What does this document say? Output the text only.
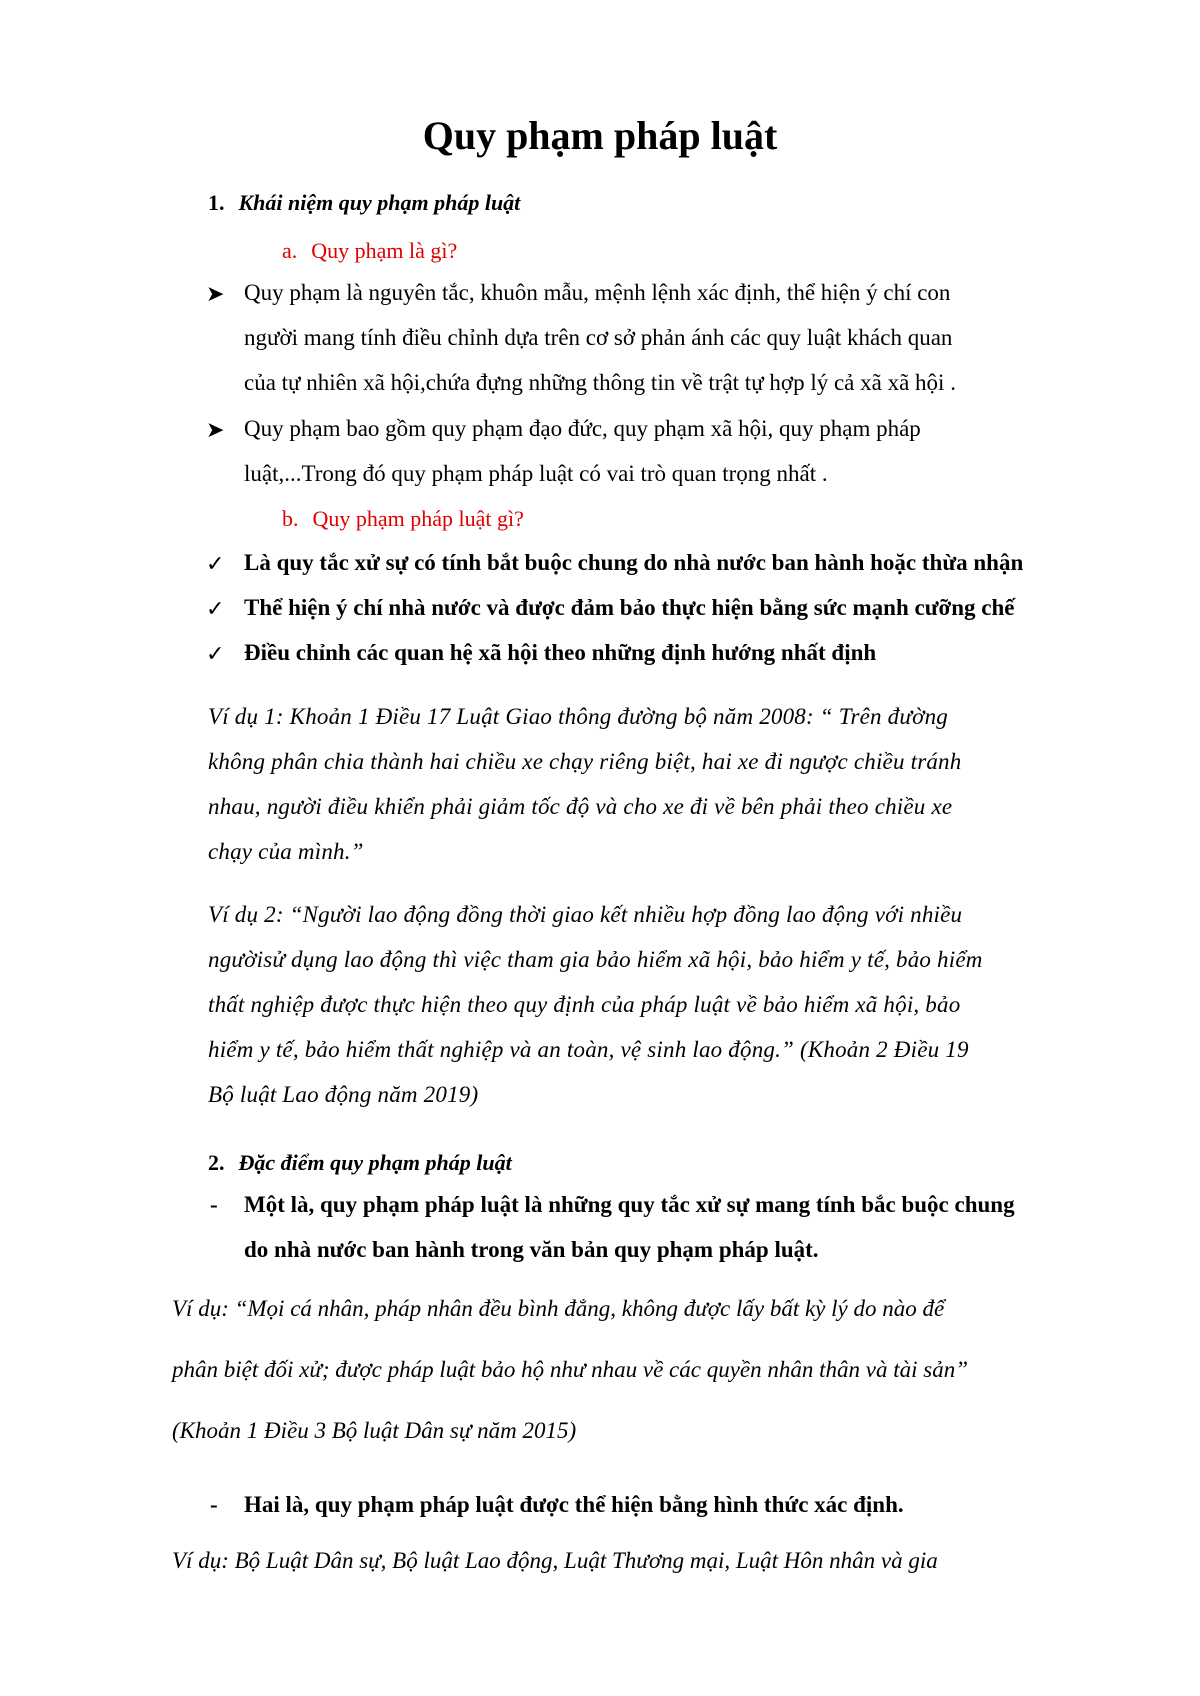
Quy phạm pháp luật
1. Khái niệm quy phạm pháp luật
a. Quy phạm là gì?
➤ Quy phạm là nguyên tắc, khuôn mẫu, mệnh lệnh xác định, thể hiện ý chí con
người mang tính điều chỉnh dựa trên cơ sở phản ánh các quy luật khách quan
của tự nhiên xã hội,chứa đựng những thông tin về trật tự hợp lý cả xã xã hội .
➤ Quy phạm bao gồm quy phạm đạo đức, quy phạm xã hội, quy phạm pháp
luật,...Trong đó quy phạm pháp luật có vai trò quan trọng nhất .
b. Quy phạm pháp luật gì?
✓ Là quy tắc xử sự có tính bắt buộc chung do nhà nước ban hành hoặc thừa nhận
✓ Thể hiện ý chí nhà nước và được đảm bảo thực hiện bằng sức mạnh cưỡng chế
✓ Điều chỉnh các quan hệ xã hội theo những định hướng nhất định
Ví dụ 1: Khoản 1 Điều 17 Luật Giao thông đường bộ năm 2008: “ Trên đường
không phân chia thành hai chiều xe chạy riêng biệt, hai xe đi ngược chiều tránh
nhau, người điều khiển phải giảm tốc độ và cho xe đi về bên phải theo chiều xe
chạy của mình.”
Ví dụ 2: “Người lao động đồng thời giao kết nhiều hợp đồng lao động với nhiều
ngườisử dụng lao động thì việc tham gia bảo hiểm xã hội, bảo hiểm y tế, bảo hiểm
thất nghiệp được thực hiện theo quy định của pháp luật về bảo hiểm xã hội, bảo
hiểm y tế, bảo hiểm thất nghiệp và an toàn, vệ sinh lao động.” (Khoản 2 Điều 19
Bộ luật Lao động năm 2019)
2. Đặc điểm quy phạm pháp luật
- Một là, quy phạm pháp luật là những quy tắc xử sự mang tính bắc buộc chung
do nhà nước ban hành trong văn bản quy phạm pháp luật.
Ví dụ: “Mọi cá nhân, pháp nhân đều bình đẳng, không được lấy bất kỳ lý do nào để
phân biệt đối xử; được pháp luật bảo hộ như nhau về các quyền nhân thân và tài sản”
(Khoản 1 Điều 3 Bộ luật Dân sự năm 2015)
- Hai là, quy phạm pháp luật được thể hiện bằng hình thức xác định.
Ví dụ: Bộ Luật Dân sự, Bộ luật Lao động, Luật Thương mại, Luật Hôn nhân và gia
